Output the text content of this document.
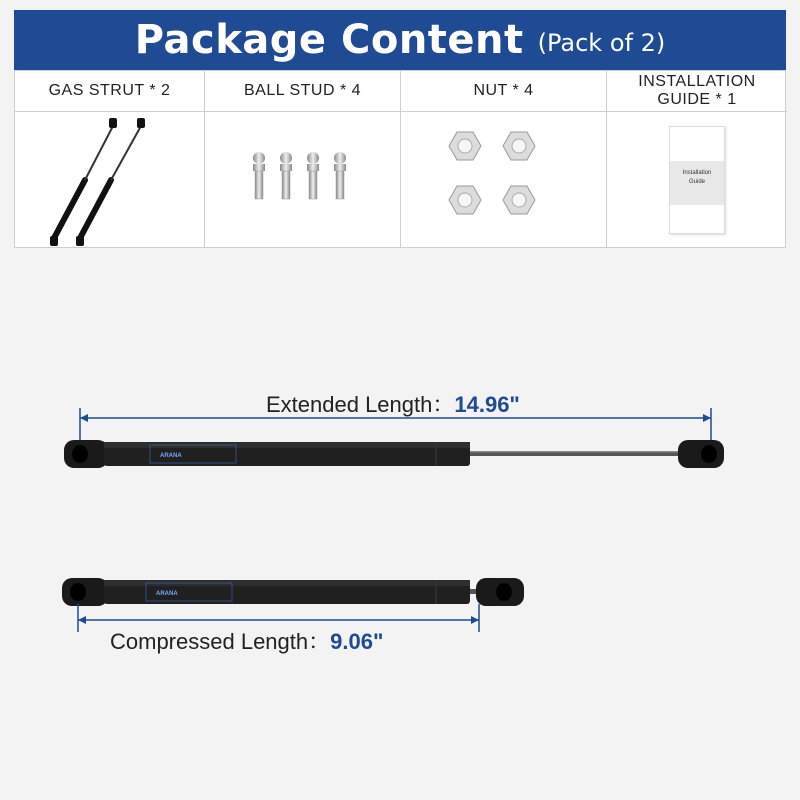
Package Content (Pack of 2)
GAS STRUT * 2	BALL STUD * 4	NUT * 4
INSTALLATION GUIDE * 1
Installation Guide
ARANA
Extended Length：14.96"
ARANA
Compressed Length：9.06"
